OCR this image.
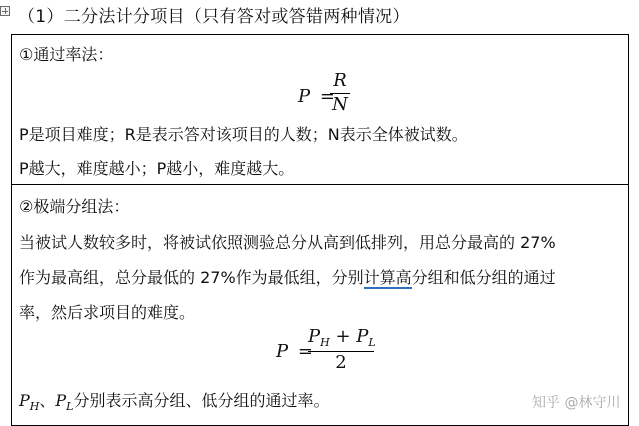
（1）二分法计分项目（只有答对或答错两种情况）
①通过率法：
P =
R
N
P是项目难度；R是表示答对该项目的人数；N表示全体被试数。
P越大，难度越小；P越小，难度越大。
②极端分组法：
当被试人数较多时，将被试依照测验总分从高到低排列，用总分最高的 27%
作为最高组，总分最低的 27%作为最低组，分别计算高分组和低分组的通过
率，然后求项目的难度。
P =
$P_H + P_L$
2
$P_H$、$P_L$分别表示高分组、低分组的通过率。	知乎 @林守川
